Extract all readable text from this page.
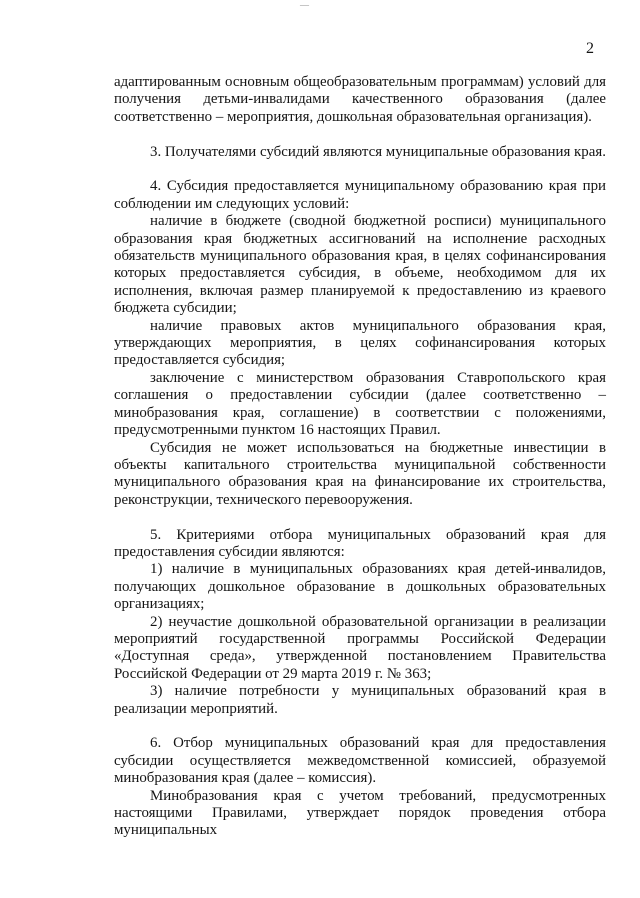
—
2

адаптированным основным общеобразовательным программам) условий для получения детьми-инвалидами качественного образования (далее соответственно – мероприятия, дошкольная образовательная организация).

3. Получателями субсидий являются муниципальные образования края.

4. Субсидия предоставляется муниципальному образованию края при соблюдении им следующих условий:

наличие в бюджете (сводной бюджетной росписи) муниципального образования края бюджетных ассигнований на исполнение расходных обязательств муниципального образования края, в целях софинансирования которых предоставляется субсидия, в объеме, необходимом для их исполнения, включая размер планируемой к предоставлению из краевого бюджета субсидии;

наличие правовых актов муниципального образования края, утверждающих мероприятия, в целях софинансирования которых предоставляется субсидия;

заключение с министерством образования Ставропольского края соглашения о предоставлении субсидии (далее соответственно – минобразования края, соглашение) в соответствии с положениями, предусмотренными пунктом 16 настоящих Правил.

Субсидия не может использоваться на бюджетные инвестиции в объекты капитального строительства муниципальной собственности муниципального образования края на финансирование их строительства, реконструкции, технического перевооружения.

5. Критериями отбора муниципальных образований края для предоставления субсидии являются:

1) наличие в муниципальных образованиях края детей-инвалидов, получающих дошкольное образование в дошкольных образовательных организациях;

2) неучастие дошкольной образовательной организации в реализации мероприятий государственной программы Российской Федерации «Доступная среда», утвержденной постановлением Правительства Российской Федерации от 29 марта 2019 г. № 363;

3) наличие потребности у муниципальных образований края в реализации мероприятий.

6. Отбор муниципальных образований края для предоставления субсидии осуществляется межведомственной комиссией, образуемой минобразования края (далее – комиссия).

Минобразования края с учетом требований, предусмотренных настоящими Правилами, утверждает порядок проведения отбора муниципальных
